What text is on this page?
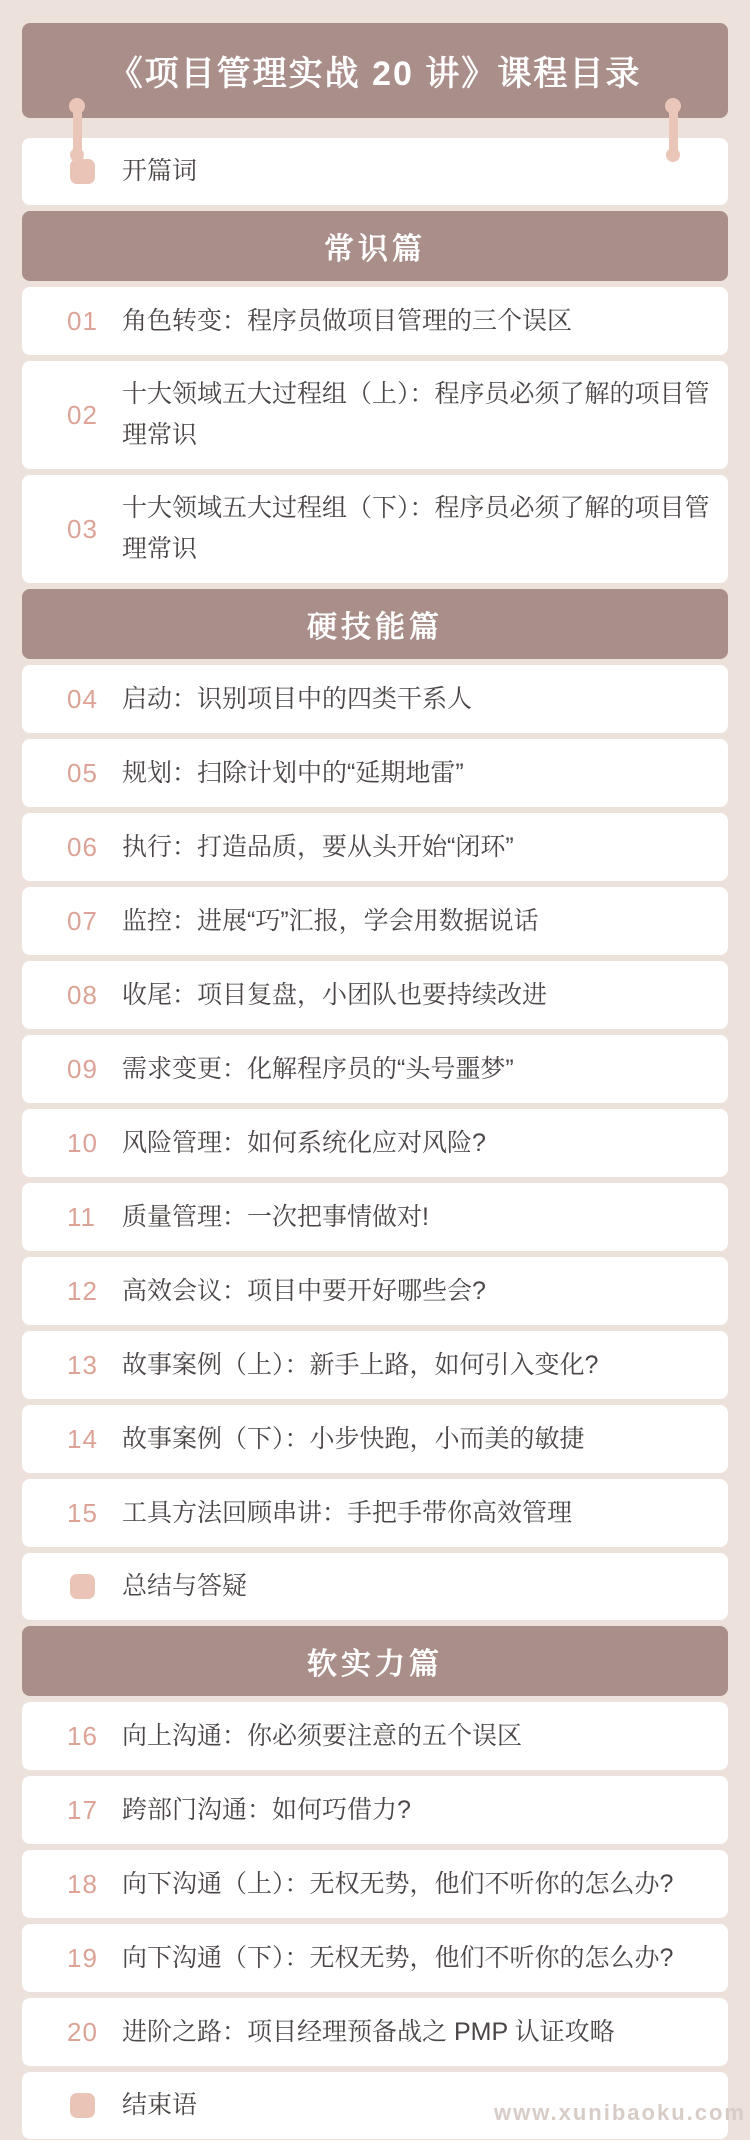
《项目管理实战 20 讲》课程目录
开篇词
常识篇
01 角色转变：程序员做项目管理的三个误区
02
十大领域五大过程组（上）：程序员必须了解的项目管理常识
03
十大领域五大过程组（下）：程序员必须了解的项目管理常识
硬技能篇
04 启动：识别项目中的四类干系人
05 规划：扫除计划中的“延期地雷”
06 执行：打造品质，要从头开始“闭环”
07 监控：进展“巧”汇报，学会用数据说话
08 收尾：项目复盘，小团队也要持续改进
09 需求变更：化解程序员的“头号噩梦”
10 风险管理：如何系统化应对风险?
11	质量管理：一次把事情做对!
12 高效会议：项目中要开好哪些会?
13 故事案例（上）：新手上路，如何引入变化?
14 故事案例（下）：小步快跑，小而美的敏捷
15 工具方法回顾串讲：手把手带你高效管理
总结与答疑
软实力篇
16 向上沟通：你必须要注意的五个误区
17 跨部门沟通：如何巧借力?
18 向下沟通（上）：无权无势，他们不听你的怎么办?
19 向下沟通（下）：无权无势，他们不听你的怎么办?
20 进阶之路：项目经理预备战之 PMP 认证攻略
结束语	www.xunibaoku.com
